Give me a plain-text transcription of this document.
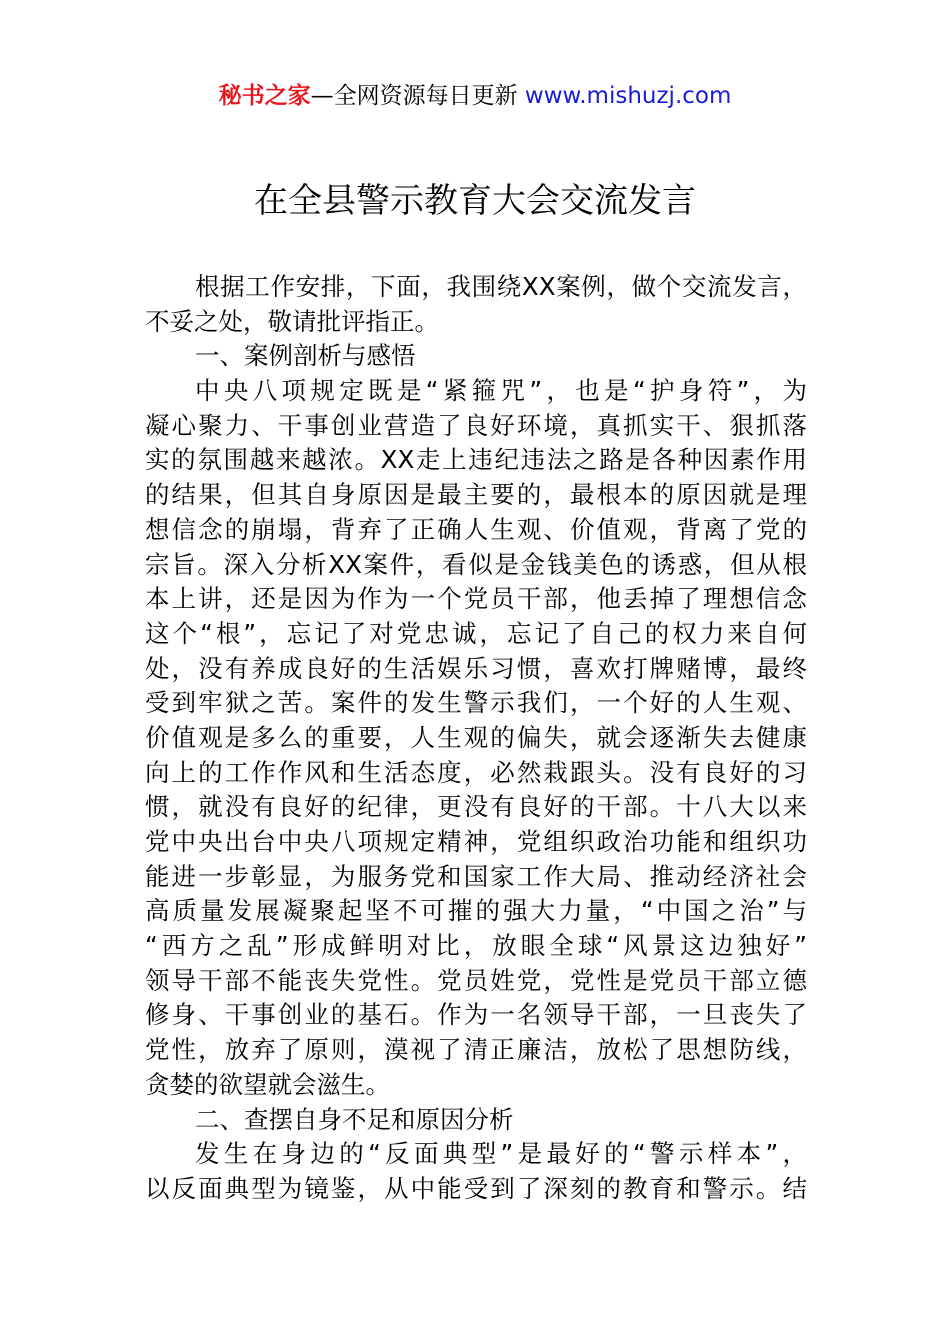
秘书之家—全网资源每日更新 www.mishuzj.com
在全县警示教育大会交流发言
根据工作安排，下面，我围绕XX案例，做个交流发言，
不妥之处，敬请批评指正。
一、案例剖析与感悟
中央八项规定既是“紧箍咒”，也是“护身符”，为
凝心聚力、干事创业营造了良好环境，真抓实干、狠抓落
实的氛围越来越浓。XX走上违纪违法之路是各种因素作用
的结果，但其自身原因是最主要的，最根本的原因就是理
想信念的崩塌，背弃了正确人生观、价值观，背离了党的
宗旨。深入分析XX案件，看似是金钱美色的诱惑，但从根
本上讲，还是因为作为一个党员干部，他丢掉了理想信念
这个“根”，忘记了对党忠诚，忘记了自己的权力来自何
处，没有养成良好的生活娱乐习惯，喜欢打牌赌博，最终
受到牢狱之苦。案件的发生警示我们，一个好的人生观、
价值观是多么的重要，人生观的偏失，就会逐渐失去健康
向上的工作作风和生活态度，必然栽跟头。没有良好的习
惯，就没有良好的纪律，更没有良好的干部。十八大以来
党中央出台中央八项规定精神，党组织政治功能和组织功
能进一步彰显，为服务党和国家工作大局、推动经济社会
高质量发展凝聚起坚不可摧的强大力量，“中国之治”与
“西方之乱”形成鲜明对比，放眼全球“风景这边独好”
领导干部不能丧失党性。党员姓党，党性是党员干部立德
修身、干事创业的基石。作为一名领导干部，一旦丧失了
党性，放弃了原则，漠视了清正廉洁，放松了思想防线，
贪婪的欲望就会滋生。
二、查摆自身不足和原因分析
发生在身边的“反面典型”是最好的“警示样本”，
以反面典型为镜鉴，从中能受到了深刻的教育和警示。结
